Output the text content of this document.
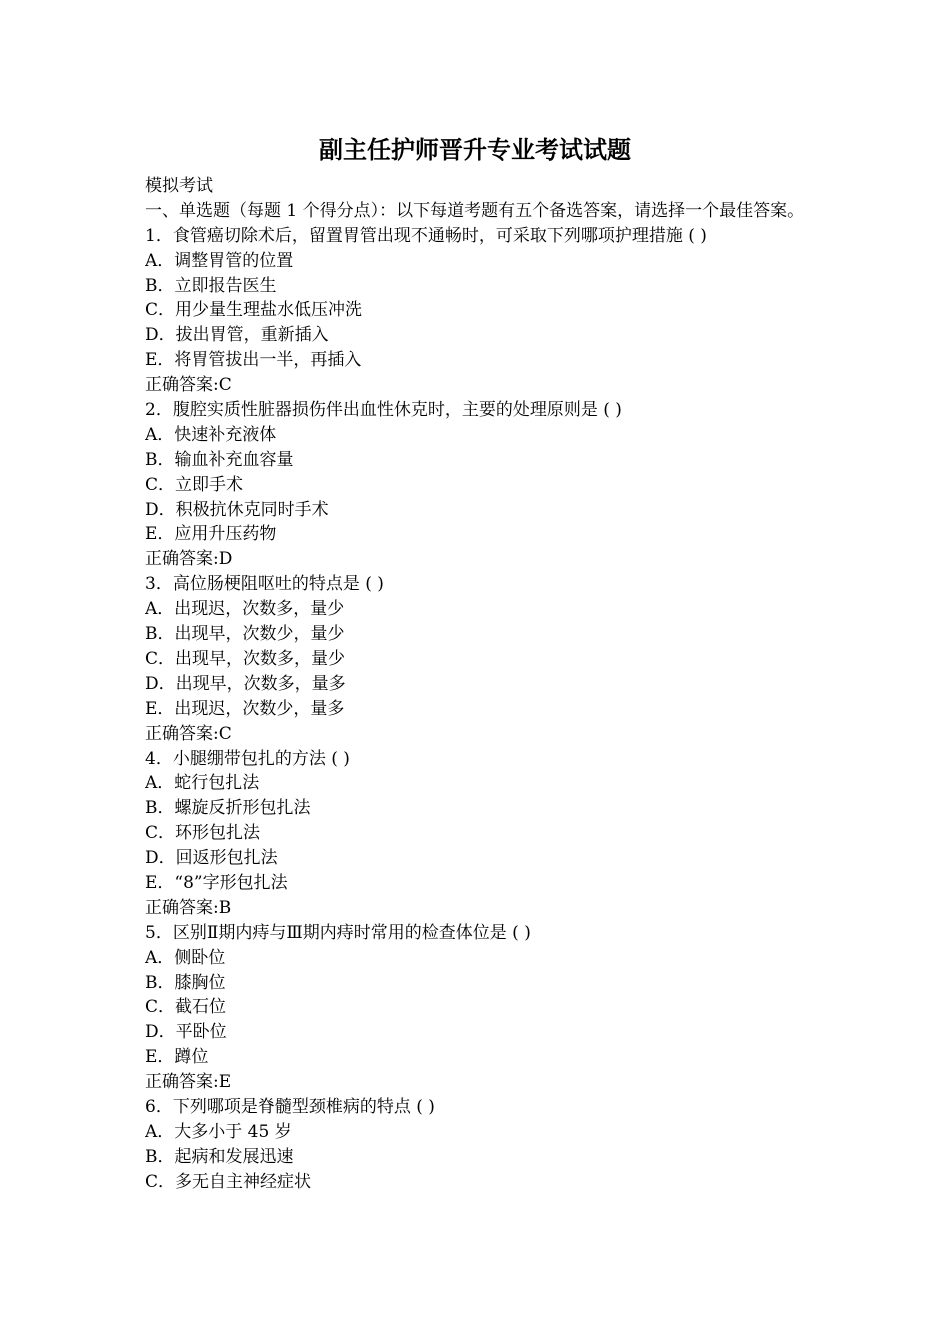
副主任护师晋升专业考试试题
模拟考试
一、单选题（每题 1 个得分点）：以下每道考题有五个备选答案，请选择一个最佳答案。
1．食管癌切除术后，留置胃管出现不通畅时，可采取下列哪项护理措施 ( )
A．调整胃管的位置
B．立即报告医生
C．用少量生理盐水低压冲洗
D．拔出胃管，重新插入
E．将胃管拔出一半，再插入
正确答案:C
2．腹腔实质性脏器损伤伴出血性休克时，主要的处理原则是 ( )
A．快速补充液体
B．输血补充血容量
C．立即手术
D．积极抗休克同时手术
E．应用升压药物
正确答案:D
3．高位肠梗阻呕吐的特点是 ( )
A．出现迟，次数多，量少
B．出现早，次数少，量少
C．出现早，次数多，量少
D．出现早，次数多，量多
E．出现迟，次数少，量多
正确答案:C
4．小腿绷带包扎的方法 ( )
A．蛇行包扎法
B．螺旋反折形包扎法
C．环形包扎法
D．回返形包扎法
E．“8”字形包扎法
正确答案:B
5．区别Ⅱ期内痔与Ⅲ期内痔时常用的检查体位是 ( )
A．侧卧位
B．膝胸位
C．截石位
D．平卧位
E．蹲位
正确答案:E
6．下列哪项是脊髓型颈椎病的特点 ( )
A．大多小于 45 岁
B．起病和发展迅速
C．多无自主神经症状
